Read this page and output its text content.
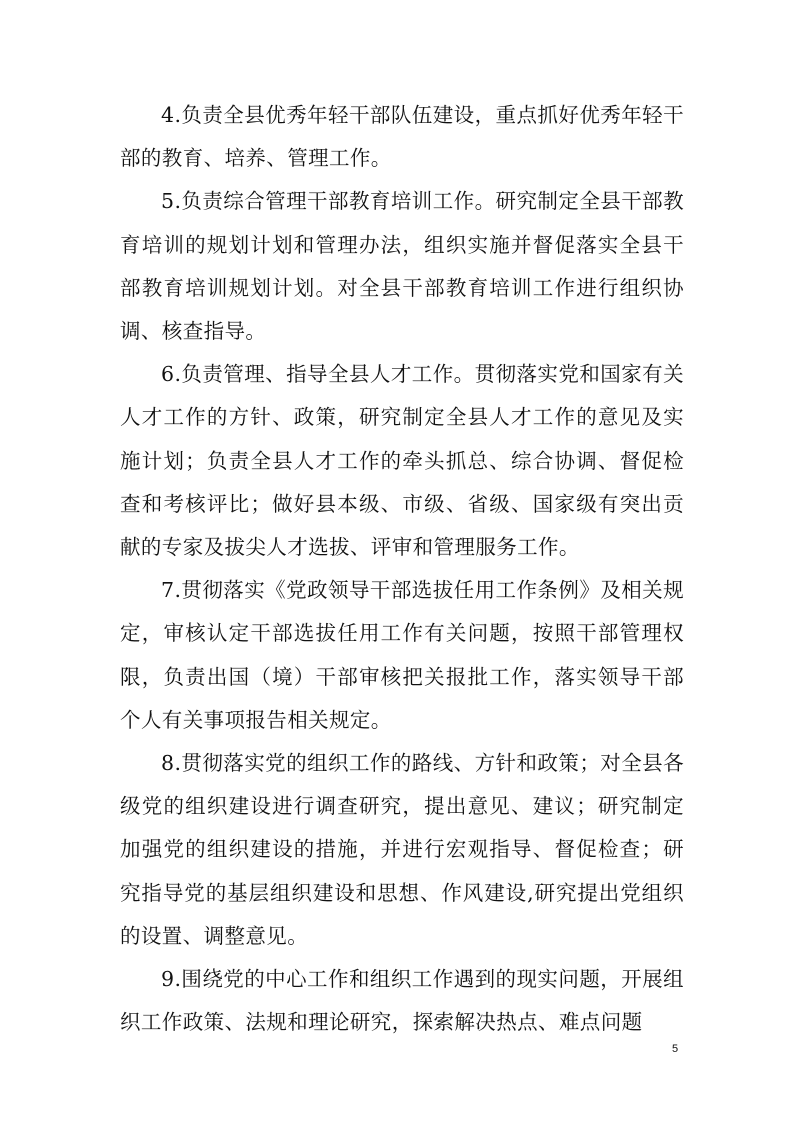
4.负责全县优秀年轻干部队伍建设，重点抓好优秀年轻干部的教育、培养、管理工作。

5.负责综合管理干部教育培训工作。研究制定全县干部教育培训的规划计划和管理办法，组织实施并督促落实全县干部教育培训规划计划。对全县干部教育培训工作进行组织协调、核查指导。

6.负责管理、指导全县人才工作。贯彻落实党和国家有关人才工作的方针、政策，研究制定全县人才工作的意见及实施计划；负责全县人才工作的牵头抓总、综合协调、督促检查和考核评比；做好县本级、市级、省级、国家级有突出贡献的专家及拔尖人才选拔、评审和管理服务工作。

7.贯彻落实《党政领导干部选拔任用工作条例》及相关规定，审核认定干部选拔任用工作有关问题，按照干部管理权限，负责出国（境）干部审核把关报批工作，落实领导干部个人有关事项报告相关规定。

8.贯彻落实党的组织工作的路线、方针和政策；对全县各级党的组织建设进行调查研究，提出意见、建议；研究制定加强党的组织建设的措施，并进行宏观指导、督促检查；研究指导党的基层组织建设和思想、作风建设,研究提出党组织的设置、调整意见。

9.围绕党的中心工作和组织工作遇到的现实问题，开展组织工作政策、法规和理论研究，探索解决热点、难点问题

5
